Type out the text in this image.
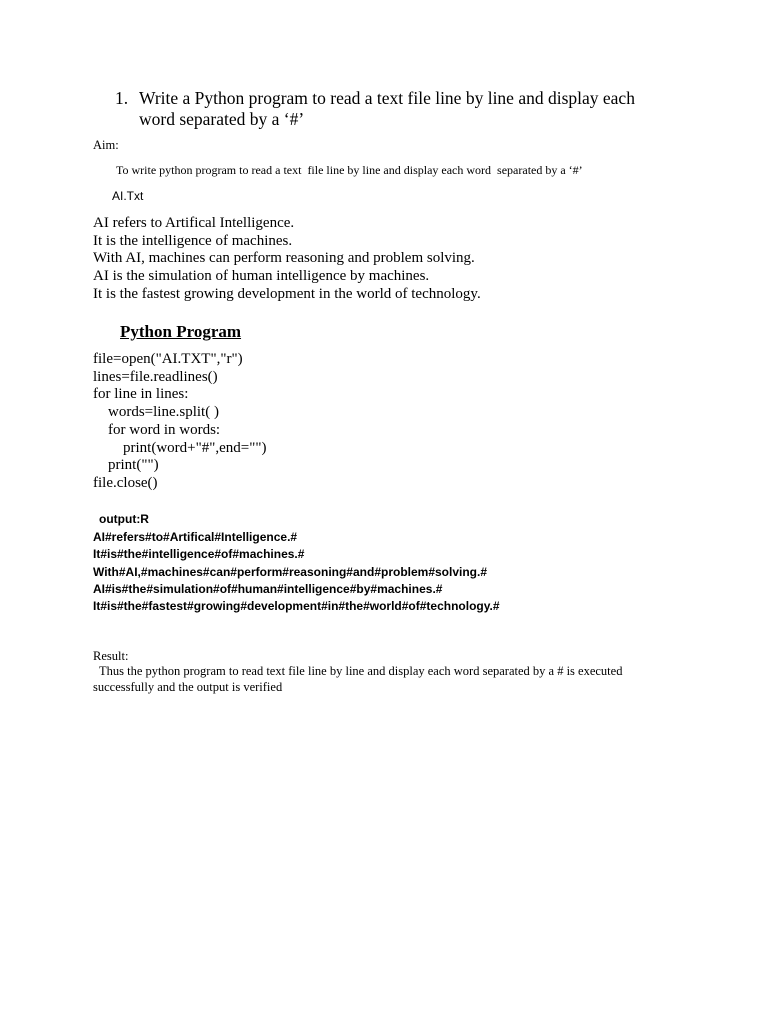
1. Write a Python program to read a text file line by line and display each word separated by a ‘#’
Aim:
To write python program to read a text  file line by line and display each word  separated by a ‘#’
AI.Txt
AI refers to Artifical Intelligence.
It is the intelligence of machines.
With AI, machines can perform reasoning and problem solving.
AI is the simulation of human intelligence by machines.
It is the fastest growing development in the world of technology.
Python Program
file=open("AI.TXT","r")
lines=file.readlines()
for line in lines:
words=line.split( )
for word in words:
print(word+"#",end="")
print("")
file.close()
output:R
AI#refers#to#Artifical#Intelligence.#
It#is#the#intelligence#of#machines.#
With#AI,#machines#can#perform#reasoning#and#problem#solving.#
AI#is#the#simulation#of#human#intelligence#by#machines.#
It#is#the#fastest#growing#development#in#the#world#of#technology.#
Result:
Thus the python program to read text file line by line and display each word separated by a # is executed successfully and the output is verified
